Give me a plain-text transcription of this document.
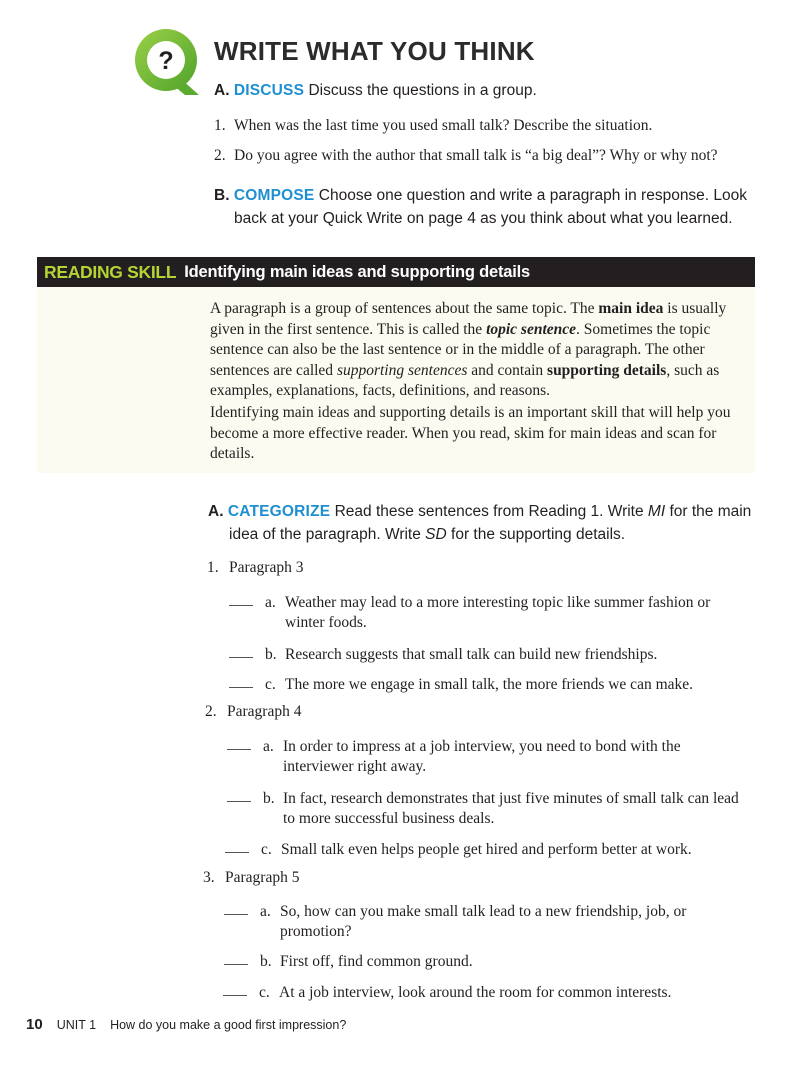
? WRITE WHAT YOU THINK
A. DISCUSS Discuss the questions in a group.
1. When was the last time you used small talk? Describe the situation.
2. Do you agree with the author that small talk is “a big deal”? Why or why not?
B. COMPOSE Choose one question and write a paragraph in response. Look
back at your Quick Write on page 4 as you think about what you learned.
READING SKILL Identifying main ideas and supporting details

A paragraph is a group of sentences about the same topic. The main idea is usually given in the first sentence. This is called the topic sentence. Sometimes the topic sentence can also be the last sentence or in the middle of a paragraph. The other sentences are called supporting sentences and contain supporting details, such as examples, explanations, facts, definitions, and reasons.

Identifying main ideas and supporting details is an important skill that will help you become a more effective reader. When you read, skim for main ideas and scan for details.

A. CATEGORIZE Read these sentences from Reading 1. Write MI for the main
idea of the paragraph. Write SD for the supporting details.
1. Paragraph 3
a. Weather may lead to a more interesting topic like summer fashion or winter foods.
b. Research suggests that small talk can build new friendships.
c. The more we engage in small talk, the more friends we can make.
2. Paragraph 4
a. In order to impress at a job interview, you need to bond with the interviewer right away.
b. In fact, research demonstrates that just five minutes of small talk can lead to more successful business deals.
c. Small talk even helps people get hired and perform better at work.
3. Paragraph 5
a. So, how can you make small talk lead to a new friendship, job, or promotion?
b. First off, find common ground.
c. At a job interview, look around the room for common interests.
10 UNIT 1 How do you make a good first impression?
